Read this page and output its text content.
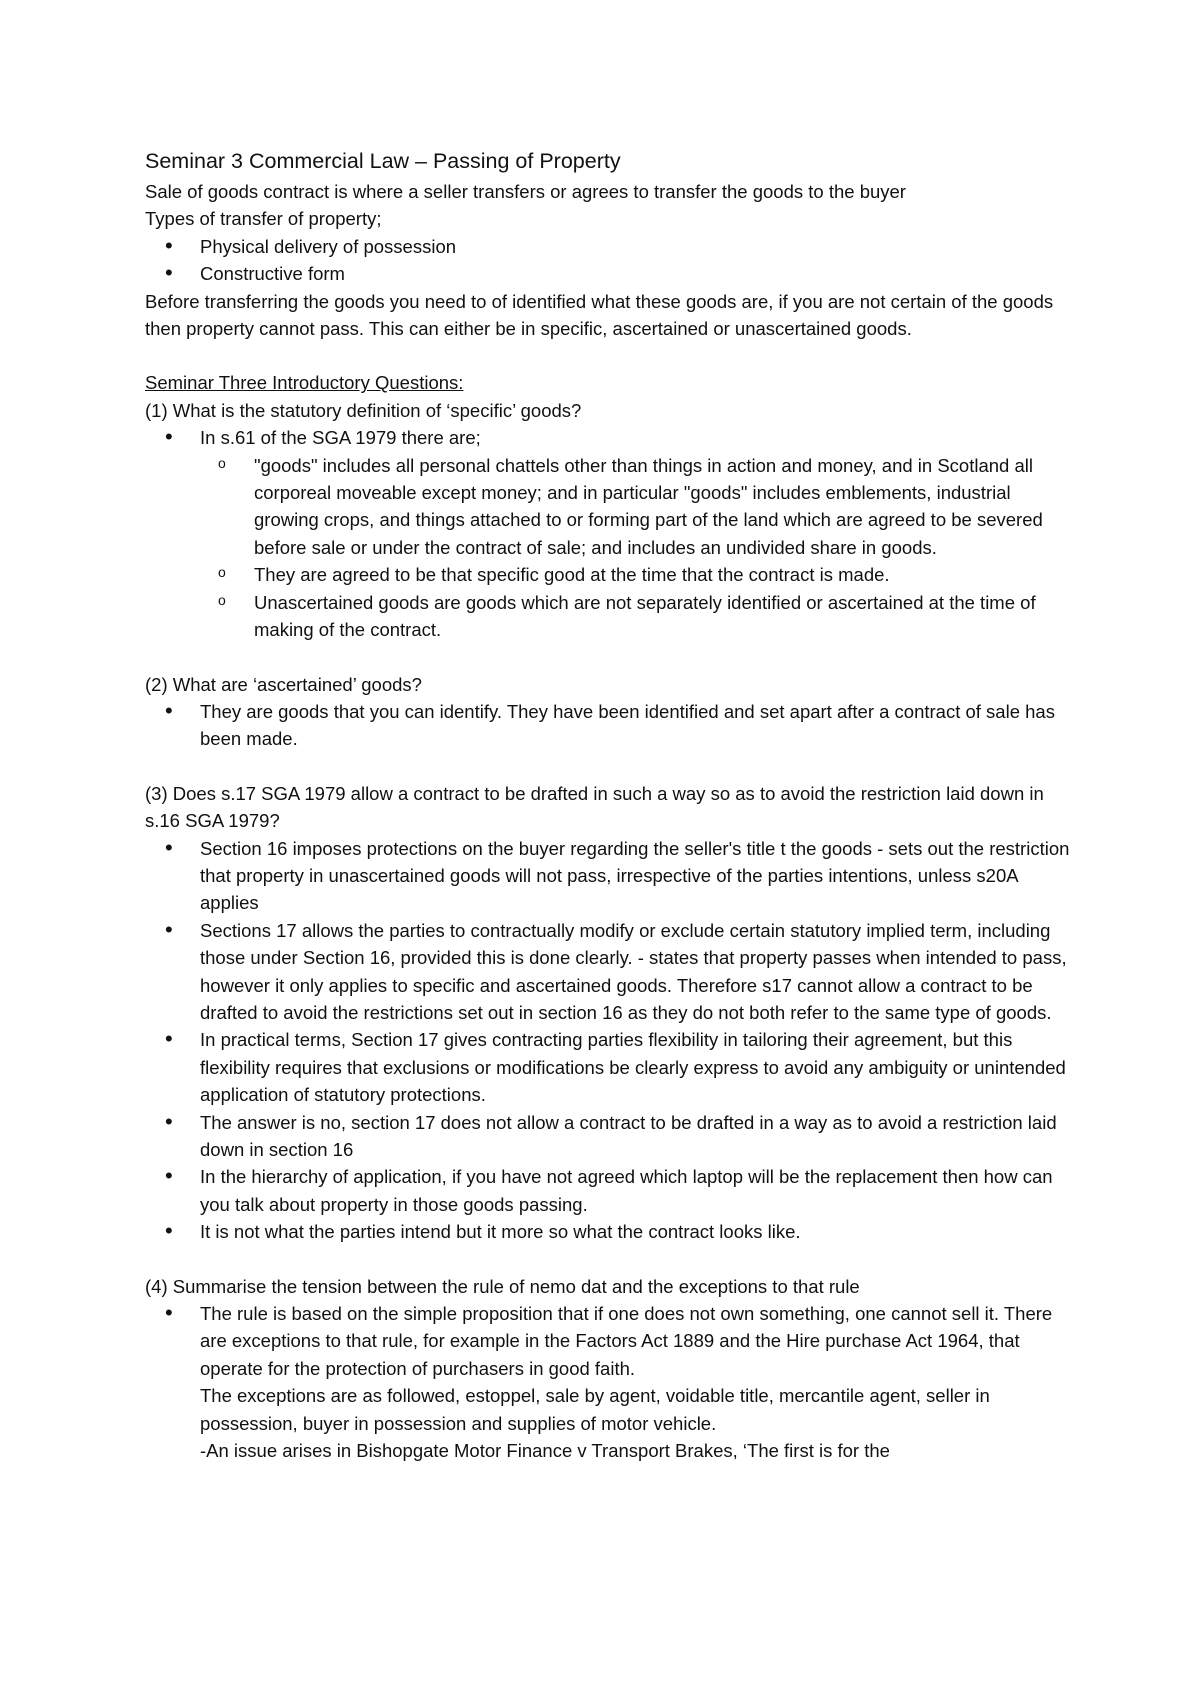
Seminar 3 Commercial Law – Passing of Property

Sale of goods contract is where a seller transfers or agrees to transfer the goods to the buyer

Types of transfer of property;

• Physical delivery of possession
• Constructive form

Before transferring the goods you need to of identified what these goods are, if you are not certain of the goods then property cannot pass. This can either be in specific, ascertained or unascertained goods.

Seminar Three Introductory Questions:

(1) What is the statutory definition of ‘specific’ goods?

• In s.61 of the SGA 1979 there are;
o "goods" includes all personal chattels other than things in action and money, and in Scotland all corporeal moveable except money; and in particular "goods" includes emblements, industrial growing crops, and things attached to or forming part of the land which are agreed to be severed before sale or under the contract of sale; and includes an undivided share in goods.
o They are agreed to be that specific good at the time that the contract is made.
o Unascertained goods are goods which are not separately identified or ascertained at the time of making of the contract.

(2) What are ‘ascertained’ goods?

• They are goods that you can identify. They have been identified and set apart after a contract of sale has been made.

(3) Does s.17 SGA 1979 allow a contract to be drafted in such a way so as to avoid the restriction laid down in s.16 SGA 1979?

• Section 16 imposes protections on the buyer regarding the seller's title t the goods - sets out the restriction that property in unascertained goods will not pass, irrespective of the parties intentions, unless s20A applies
• Sections 17 allows the parties to contractually modify or exclude certain statutory implied term, including those under Section 16, provided this is done clearly. - states that property passes when intended to pass, however it only applies to specific and ascertained goods. Therefore s17 cannot allow a contract to be drafted to avoid the restrictions set out in section 16 as they do not both refer to the same type of goods.
• In practical terms, Section 17 gives contracting parties flexibility in tailoring their agreement, but this flexibility requires that exclusions or modifications be clearly express to avoid any ambiguity or unintended application of statutory protections.
• The answer is no, section 17 does not allow a contract to be drafted in a way as to avoid a restriction laid down in section 16
• In the hierarchy of application, if you have not agreed which laptop will be the replacement then how can you talk about property in those goods passing.
• It is not what the parties intend but it more so what the contract looks like.

(4) Summarise the tension between the rule of nemo dat and the exceptions to that rule

• The rule is based on the simple proposition that if one does not own something, one cannot sell it. There are exceptions to that rule, for example in the Factors Act 1889 and the Hire purchase Act 1964, that operate for the protection of purchasers in good faith.
The exceptions are as followed, estoppel, sale by agent, voidable title, mercantile agent, seller in possession, buyer in possession and supplies of motor vehicle.
-An issue arises in Bishopgate Motor Finance v Transport Brakes, ‘The first is for the
